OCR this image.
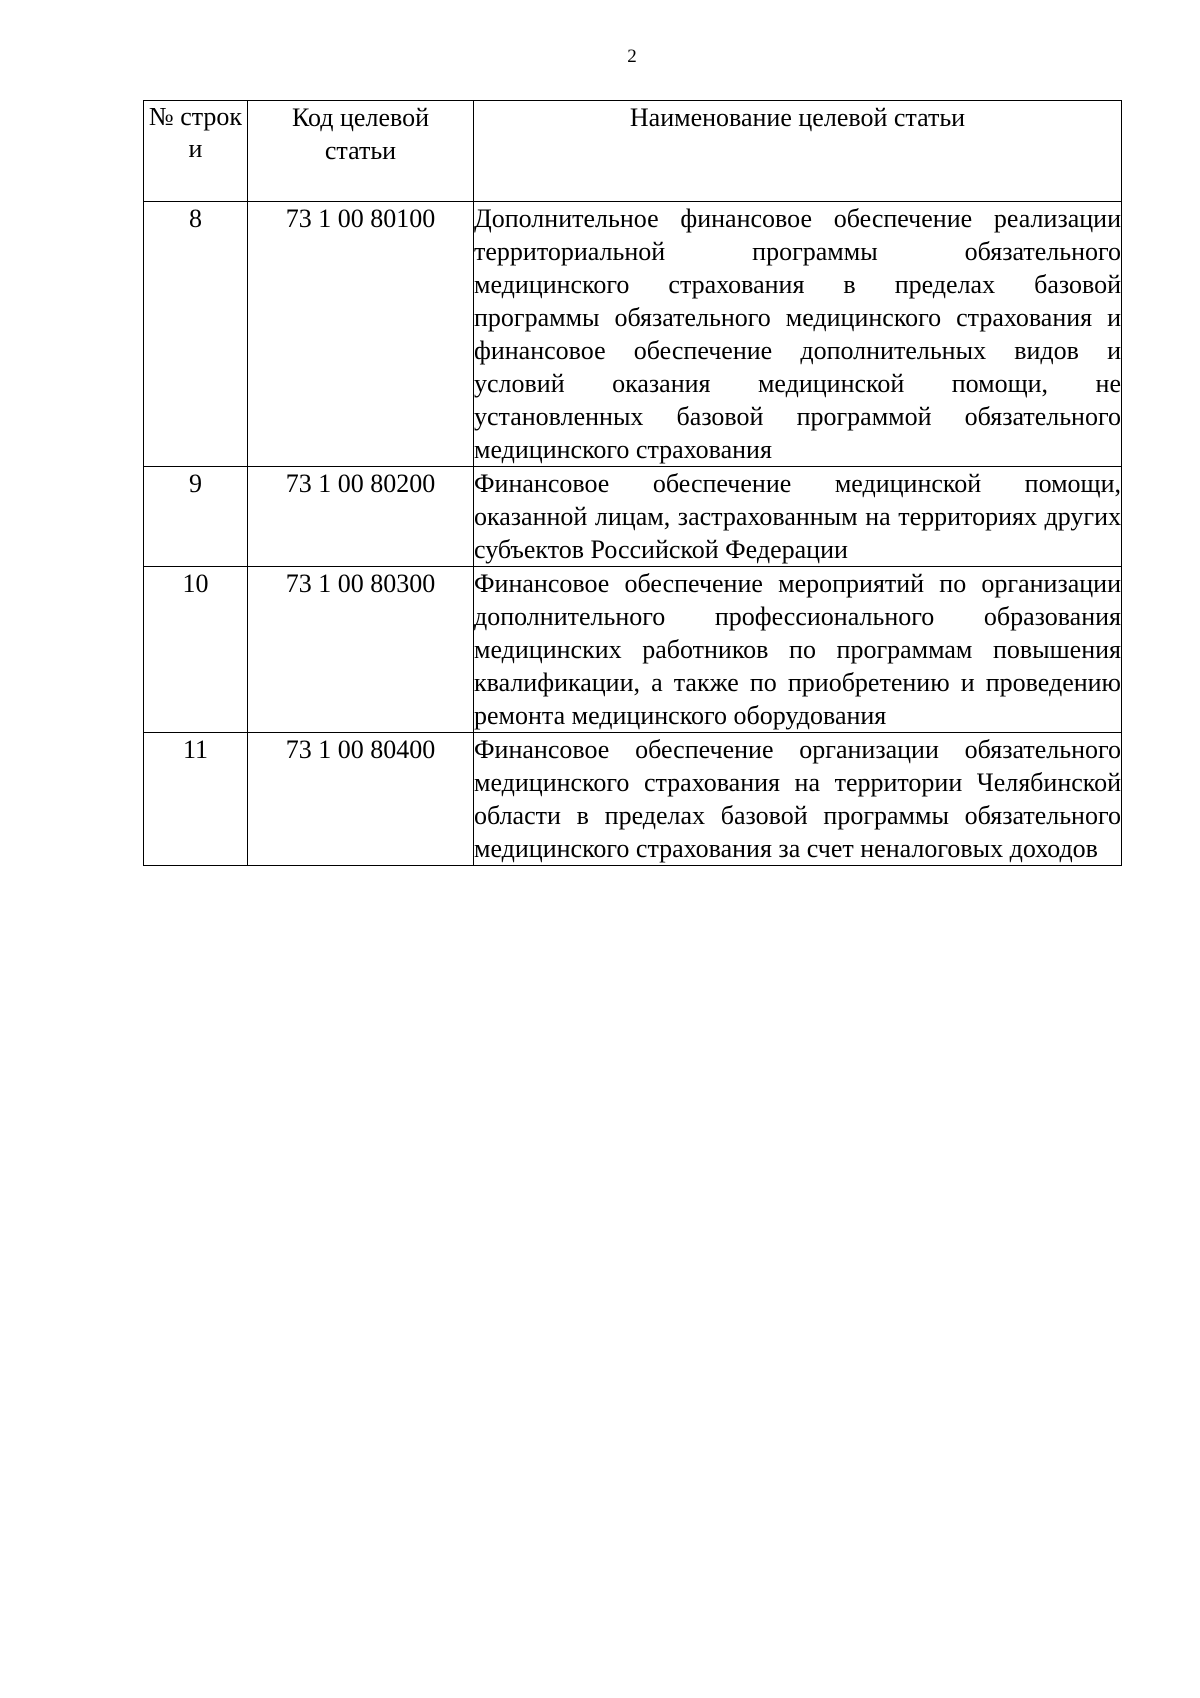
2
№ строк и	Код целевой статьи	Наименование целевой статьи
8	73 1 00 80100	Дополнительное финансовое обеспечение реализации территориальной программы обязательного медицинского страхования в пределах базовой программы обязательного медицинского страхования и финансовое обеспечение дополнительных видов и условий оказания медицинской помощи, не установленных базовой программой обязательного медицинского страхования
9	73 1 00 80200	Финансовое обеспечение медицинской помощи, оказанной лицам, застрахованным на территориях других субъектов Российской Федерации
10	73 1 00 80300	Финансовое обеспечение мероприятий по организации дополнительного профессионального образования медицинских работников по программам повышения квалификации, а также по приобретению и проведению ремонта медицинского оборудования
11	73 1 00 80400	Финансовое обеспечение организации обязательного медицинского страхования на территории Челябинской области в пределах базовой программы обязательного медицинского страхования за счет неналоговых доходов
